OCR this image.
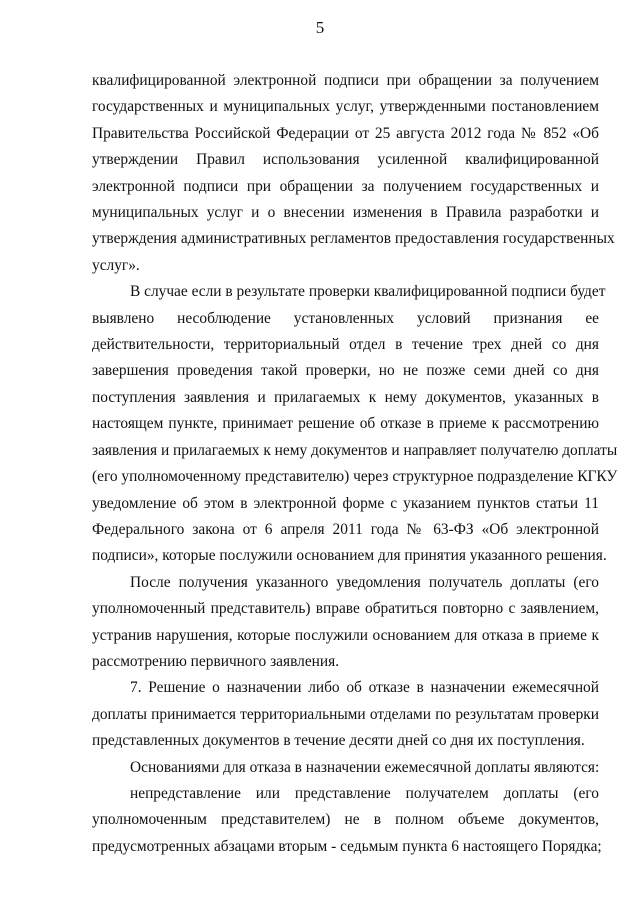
5
квалифицированной электронной подписи при обращении за получением
государственных и муниципальных услуг, утвержденными постановлением
Правительства Российской Федерации от 25 августа 2012 года № 852 «Об
утверждении Правил использования усиленной квалифицированной
электронной подписи при обращении за получением государственных и
муниципальных услуг и о внесении изменения в Правила разработки и
утверждения административных регламентов предоставления государственных
услуг».
В случае если в результате проверки квалифицированной подписи будет
выявлено несоблюдение установленных условий признания ее
действительности, территориальный отдел в течение трех дней со дня
завершения проведения такой проверки, но не позже семи дней со дня
поступления заявления и прилагаемых к нему документов, указанных в
настоящем пункте, принимает решение об отказе в приеме к рассмотрению
заявления и прилагаемых к нему документов и направляет получателю доплаты
(его уполномоченному представителю) через структурное подразделение КГКУ
уведомление об этом в электронной форме с указанием пунктов статьи 11
Федерального закона от 6 апреля 2011 года № 63-ФЗ «Об электронной
подписи», которые послужили основанием для принятия указанного решения.
После получения указанного уведомления получатель доплаты (его
уполномоченный представитель) вправе обратиться повторно с заявлением,
устранив нарушения, которые послужили основанием для отказа в приеме к
рассмотрению первичного заявления.
7. Решение о назначении либо об отказе в назначении ежемесячной
доплаты принимается территориальными отделами по результатам проверки
представленных документов в течение десяти дней со дня их поступления.
Основаниями для отказа в назначении ежемесячной доплаты являются:
непредставление или представление получателем доплаты (его
уполномоченным представителем) не в полном объеме документов,
предусмотренных абзацами вторым - седьмым пункта 6 настоящего Порядка;
